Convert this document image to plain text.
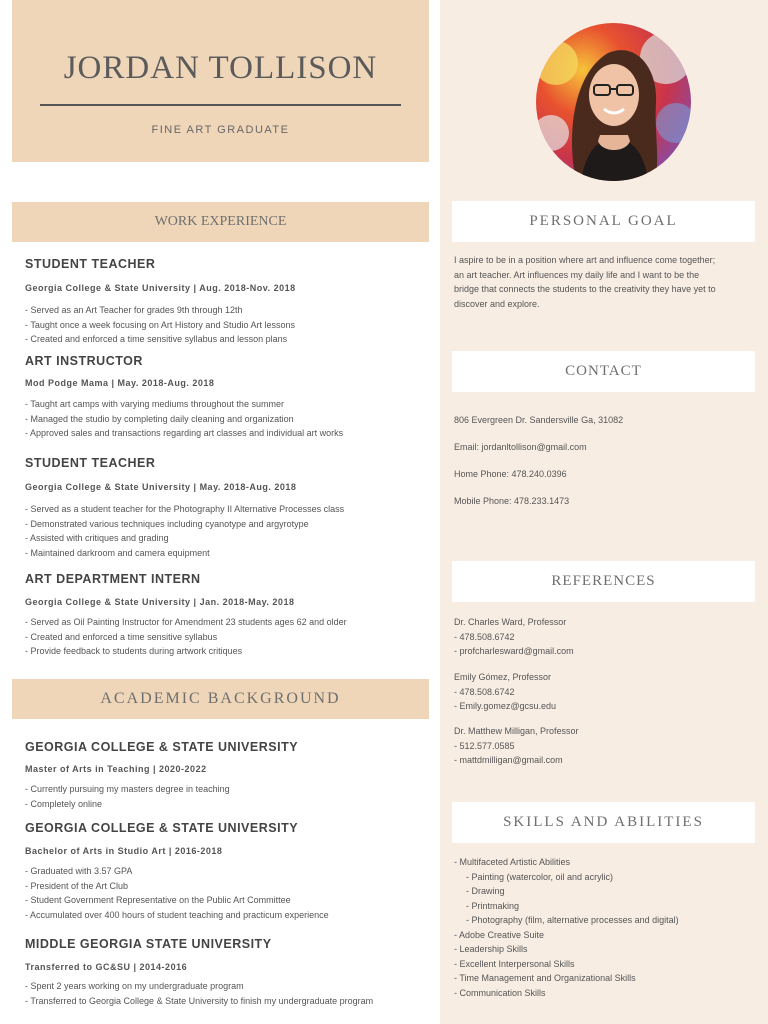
JORDAN TOLLISON
FINE ART GRADUATE
WORK EXPERIENCE
STUDENT TEACHER
Georgia College & State University | Aug. 2018-Nov. 2018
- Served as an Art Teacher for grades 9th through 12th
- Taught once a week focusing on Art History and Studio Art lessons
- Created and enforced a time sensitive syllabus and lesson plans
ART INSTRUCTOR
Mod Podge Mama | May. 2018-Aug. 2018
- Taught art camps with varying mediums throughout the summer
- Managed the studio by completing daily cleaning and organization
- Approved sales and transactions regarding art classes and individual art works
STUDENT TEACHER
Georgia College & State University | May. 2018-Aug. 2018
- Served as a student teacher for the Photography II Alternative Processes class
- Demonstrated various techniques including cyanotype and argyrotype
- Assisted with critiques and grading
- Maintained darkroom and camera equipment
ART DEPARTMENT INTERN
Georgia College & State University | Jan. 2018-May. 2018
- Served as Oil Painting Instructor for Amendment 23 students ages 62 and older
- Created and enforced a time sensitive syllabus
- Provide feedback to students during artwork critiques
ACADEMIC BACKGROUND
GEORGIA COLLEGE & STATE UNIVERSITY
Master of Arts in Teaching | 2020-2022
- Currently pursuing my masters degree in teaching
- Completely online
GEORGIA COLLEGE & STATE UNIVERSITY
Bachelor of Arts in Studio Art | 2016-2018
- Graduated with 3.57 GPA
- President of the Art Club
- Student Government Representative on the Public Art Committee
- Accumulated over 400 hours of student teaching and practicum experience
MIDDLE GEORGIA STATE UNIVERSITY
Transferred to GC&SU | 2014-2016
- Spent 2 years working on my undergraduate program
- Transferred to Georgia College & State University to finish my undergraduate program
PERSONAL GOAL
I aspire to be in a position where art and influence come together;
an art teacher. Art influences my daily life and I want to be the
bridge that connects the students to the creativity they have yet to
discover and explore.
CONTACT
806 Evergreen Dr. Sandersville Ga, 31082
Email: jordanltollison@gmail.com
Home Phone: 478.240.0396
Mobile Phone: 478.233.1473
REFERENCES
Dr. Charles Ward, Professor
- 478.508.6742
- profcharlesward@gmail.com
Emily Gómez, Professor
- 478.508.6742
- Emily.gomez@gcsu.edu
Dr. Matthew Milligan, Professor
- 512.577.0585
- mattdmilligan@gmail.com
SKILLS AND ABILITIES
- Multifaceted Artistic Abilities
- Painting (watercolor, oil and acrylic)
- Drawing
- Printmaking
- Photography (film, alternative processes and digital)
- Adobe Creative Suite
- Leadership Skills
- Excellent Interpersonal Skills
- Time Management and Organizational Skills
- Communication Skills
